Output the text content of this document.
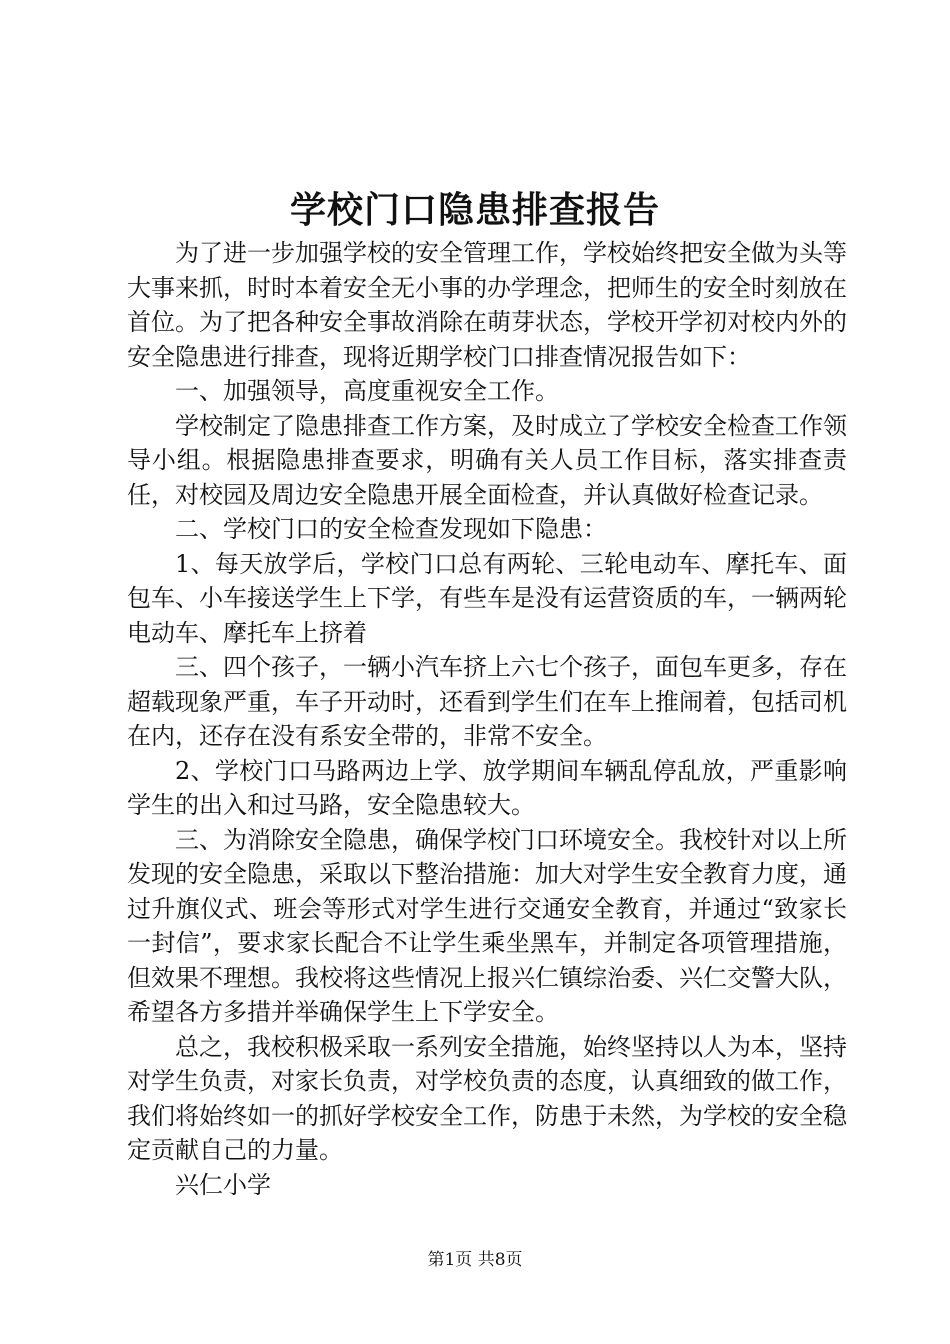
学校门口隐患排查报告

为了进一步加强学校的安全管理工作，学校始终把安全做为头等大事来抓，时时本着安全无小事的办学理念，把师生的安全时刻放在首位。为了把各种安全事故消除在萌芽状态，学校开学初对校内外的安全隐患进行排查，现将近期学校门口排查情况报告如下：

一、加强领导，高度重视安全工作。

学校制定了隐患排查工作方案，及时成立了学校安全检查工作领导小组。根据隐患排查要求，明确有关人员工作目标，落实排查责任，对校园及周边安全隐患开展全面检查，并认真做好检查记录。

二、学校门口的安全检查发现如下隐患：

1、每天放学后，学校门口总有两轮、三轮电动车、摩托车、面包车、小车接送学生上下学，有些车是没有运营资质的车，一辆两轮电动车、摩托车上挤着

三、四个孩子，一辆小汽车挤上六七个孩子，面包车更多，存在超载现象严重，车子开动时，还看到学生们在车上推闹着，包括司机在内，还存在没有系安全带的，非常不安全。

2、学校门口马路两边上学、放学期间车辆乱停乱放，严重影响学生的出入和过马路，安全隐患较大。

三、为消除安全隐患，确保学校门口环境安全。我校针对以上所发现的安全隐患，采取以下整治措施：加大对学生安全教育力度，通过升旗仪式、班会等形式对学生进行交通安全教育，并通过“致家长一封信”，要求家长配合不让学生乘坐黑车，并制定各项管理措施，但效果不理想。我校将这些情况上报兴仁镇综治委、兴仁交警大队，希望各方多措并举确保学生上下学安全。

总之，我校积极采取一系列安全措施，始终坚持以人为本，坚持对学生负责，对家长负责，对学校负责的态度，认真细致的做工作，我们将始终如一的抓好学校安全工作，防患于未然，为学校的安全稳定贡献自己的力量。

兴仁小学

第1页 共8页
